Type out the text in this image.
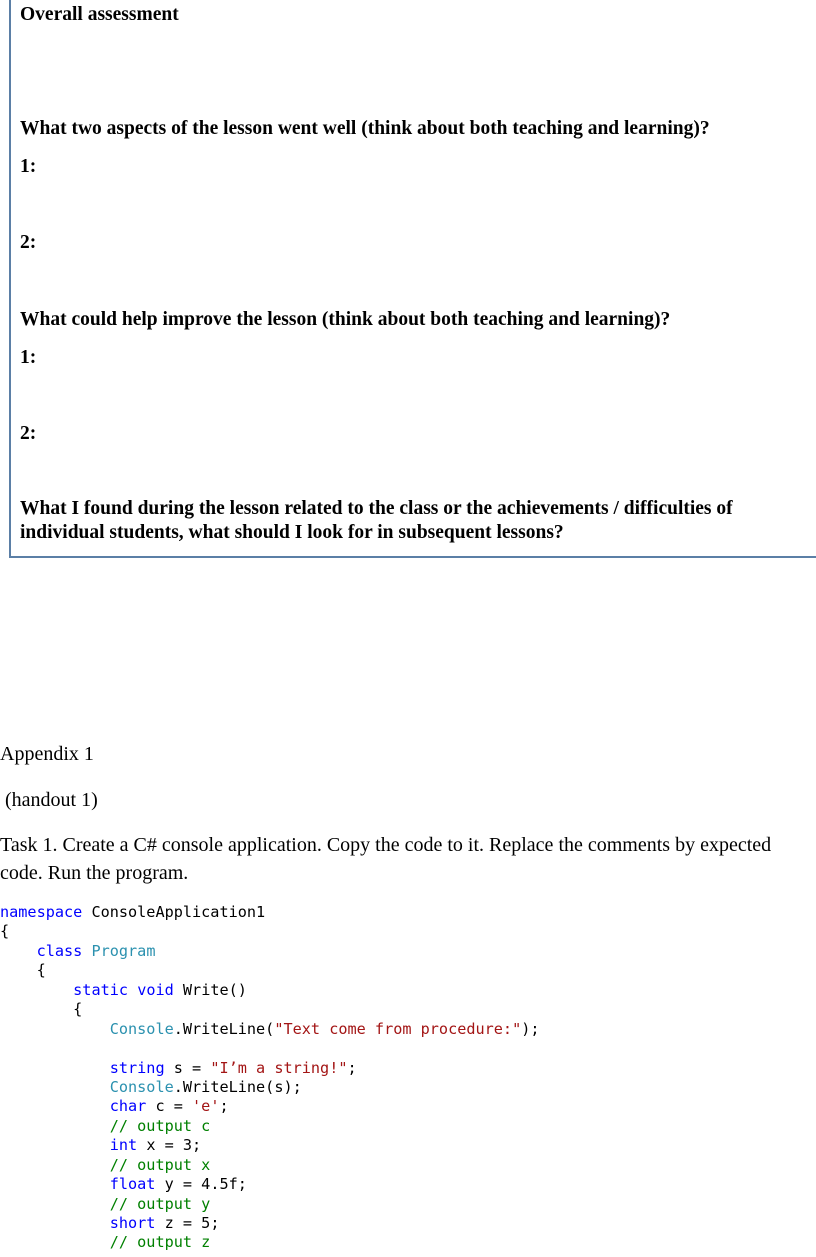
Overall assessment

What two aspects of the lesson went well (think about both teaching and learning)?

1:

2:

What could help improve the lesson (think about both teaching and learning)?

1:

2:

What I found during the lesson related to the class or the achievements / difficulties of

individual students, what should I look for in subsequent lessons?

Appendix 1

(handout 1)

Task 1. Create a C# console application. Copy the code to it. Replace the comments by expected

code. Run the program.

namespace ConsoleApplication1
{
class Program
{
static void Write()
{
Console.WriteLine("Text come from procedure:");
string s = "I’m a string!";
Console.WriteLine(s);
char c = 'e';
// output c
int x = 3;
// output x
float y = 4.5f;
// output y
short z = 5;
// output z
